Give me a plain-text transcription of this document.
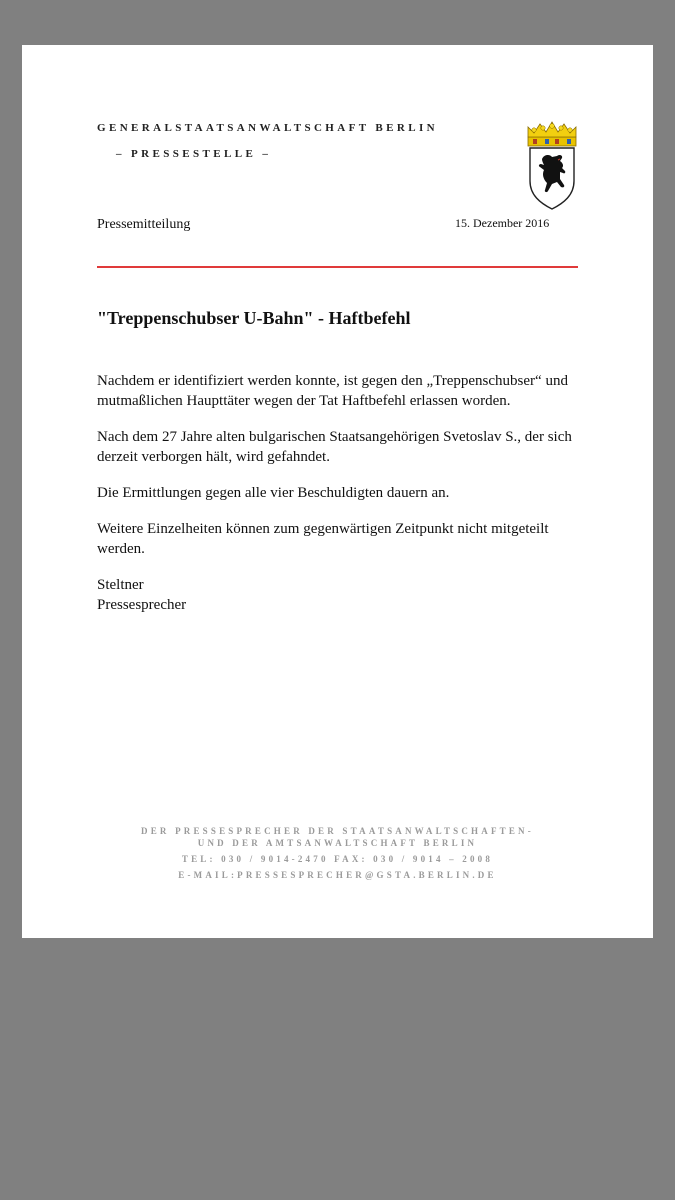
GENERALSTAATSANWALTSCHAFT BERLIN
– PRESSESTELLE –
Pressemitteilung	15. Dezember 2016
"Treppenschubser U-Bahn" - Haftbefehl

Nachdem er identifiziert werden konnte, ist gegen den „Treppenschubser“ und mutmaßlichen Haupttäter wegen der Tat Haftbefehl erlassen worden.

Nach dem 27 Jahre alten bulgarischen Staatsangehörigen Svetoslav S., der sich derzeit verborgen hält, wird gefahndet.

Die Ermittlungen gegen alle vier Beschuldigten dauern an.

Weitere Einzelheiten können zum gegenwärtigen Zeitpunkt nicht mitgeteilt werden.

Steltner
Pressesprecher
DER PRESSESPRECHER DER STAATSANWALTSCHAFTEN-
UND DER AMTSANWALTSCHAFT BERLIN
TEL: 030 / 9014-2470 FAX: 030 / 9014 – 2008
E-MAIL:PRESSESPRECHER@GSTA.BERLIN.DE
